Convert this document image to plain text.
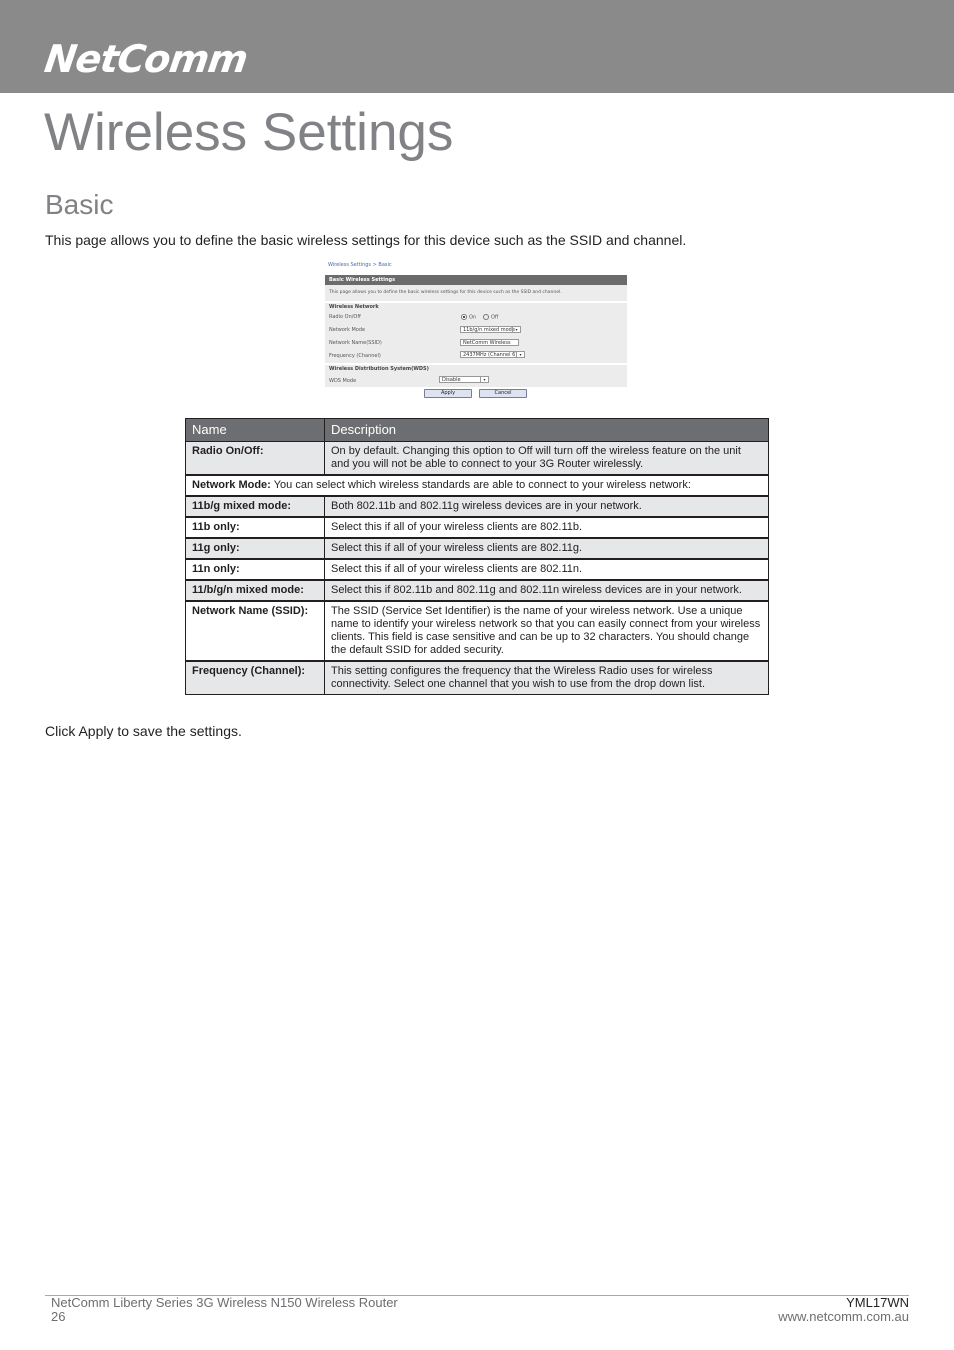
NetComm
Wireless Settings
Basic
This page allows you to define the basic wireless settings for this device such as the SSID and channel.
Wireless Settings > Basic
Basic Wireless Settings
This page allows you to define the basic wireless settings for this device such as the SSID and channel.
Wireless Network
Radio On/Off	On	Off
Network Mode	11b/g/n mixed mode ▾
Network Name(SSID)	NetComm Wireless
Frequency (Channel)	2437MHz (Channel 6) ▾
Wireless Distribution System(WDS)
WDS Mode	Disable	▾
Apply	Cancel
Name	Description
Radio On/Off:	On by default. Changing this option to Off will turn off the wireless feature on the unit and you will not be able to connect to your 3G Router wirelessly.
Network Mode: You can select which wireless standards are able to connect to your wireless network:	
11b/g mixed mode:	Both 802.11b and 802.11g wireless devices are in your network.
11b only:	Select this if all of your wireless clients are 802.11b.
11g only:	Select this if all of your wireless clients are 802.11g.
11n only:	Select this if all of your wireless clients are 802.11n.
11/b/g/n mixed mode:	Select this if 802.11b and 802.11g and 802.11n wireless devices are in your network.
Network Name (SSID):	The SSID (Service Set Identifier) is the name of your wireless network. Use a unique name to identify your wireless network so that you can easily connect from your wireless clients. This field is case sensitive and can be up to 32 characters. You should change the default SSID for added security.
Frequency (Channel):	This setting configures the frequency that the Wireless Radio uses for wireless connectivity. Select one channel that you wish to use from the drop down list.
Click Apply to save the settings.
NetComm Liberty Series 3G Wireless N150 Wireless Router
26
YML17WN
www.netcomm.com.au
